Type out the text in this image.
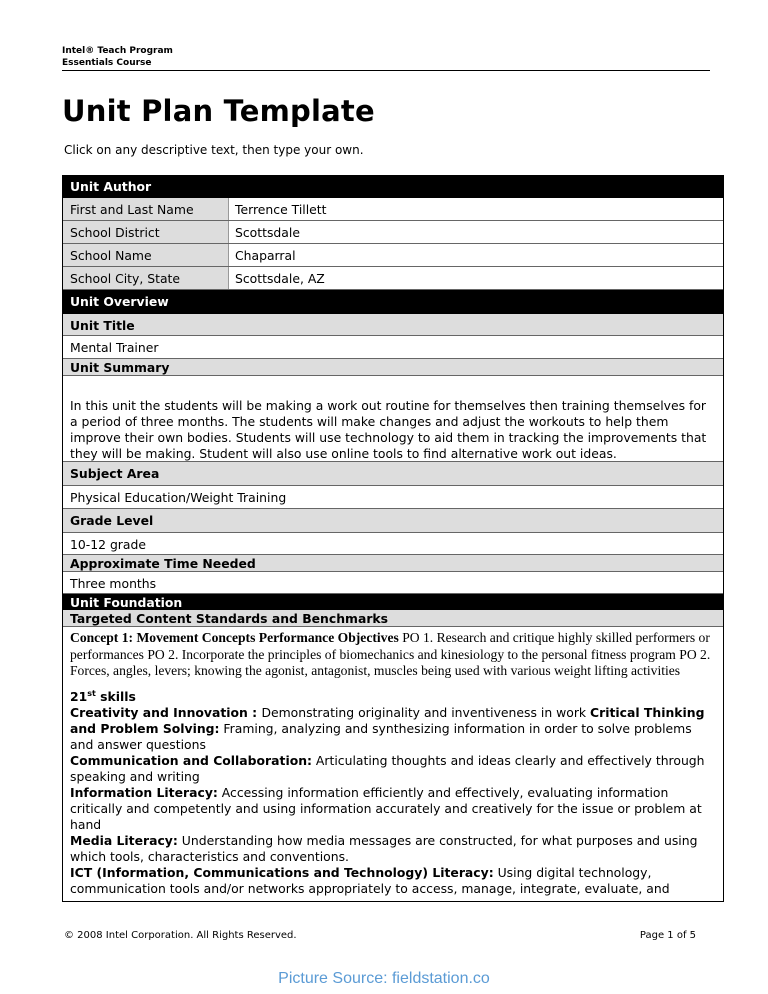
Intel® Teach Program
Essentials Course
Unit Plan Template
Click on any descriptive text, then type your own.
Unit Author
First and Last Name	Terrence Tillett
School District	Scottsdale
School Name	Chaparral
School City, State	Scottsdale, AZ
Unit Overview
Unit Title
Mental Trainer
Unit Summary
In this unit the students will be making a work out routine for themselves then training themselves for a period of three months. The students will make changes and adjust the workouts to help them improve their own bodies. Students will use technology to aid them in tracking the improvements that they will be making. Student will also use online tools to find alternative work out ideas.
Subject Area
Physical Education/Weight Training
Grade Level
10-12 grade
Approximate Time Needed
Three months
Unit Foundation
Targeted Content Standards and Benchmarks
Concept 1: Movement Concepts Performance Objectives PO 1. Research and critique highly skilled performers or performances PO 2. Incorporate the principles of biomechanics and kinesiology to the personal fitness program PO 2. Forces, angles, levers; knowing the agonist, antagonist, muscles being used with various weight lifting activities
21st skills
Creativity and Innovation : Demonstrating originality and inventiveness in work Critical Thinking and Problem Solving: Framing, analyzing and synthesizing information in order to solve problems and answer questions
Communication and Collaboration: Articulating thoughts and ideas clearly and effectively through speaking and writing
Information Literacy: Accessing information efficiently and effectively, evaluating information critically and competently and using information accurately and creatively for the issue or problem at hand
Media Literacy: Understanding how media messages are constructed, for what purposes and using which tools, characteristics and conventions.
ICT (Information, Communications and Technology) Literacy: Using digital technology, communication tools and/or networks appropriately to access, manage, integrate, evaluate, and
© 2008 Intel Corporation. All Rights Reserved.	Page 1 of 5
Picture Source: fieldstation.co
